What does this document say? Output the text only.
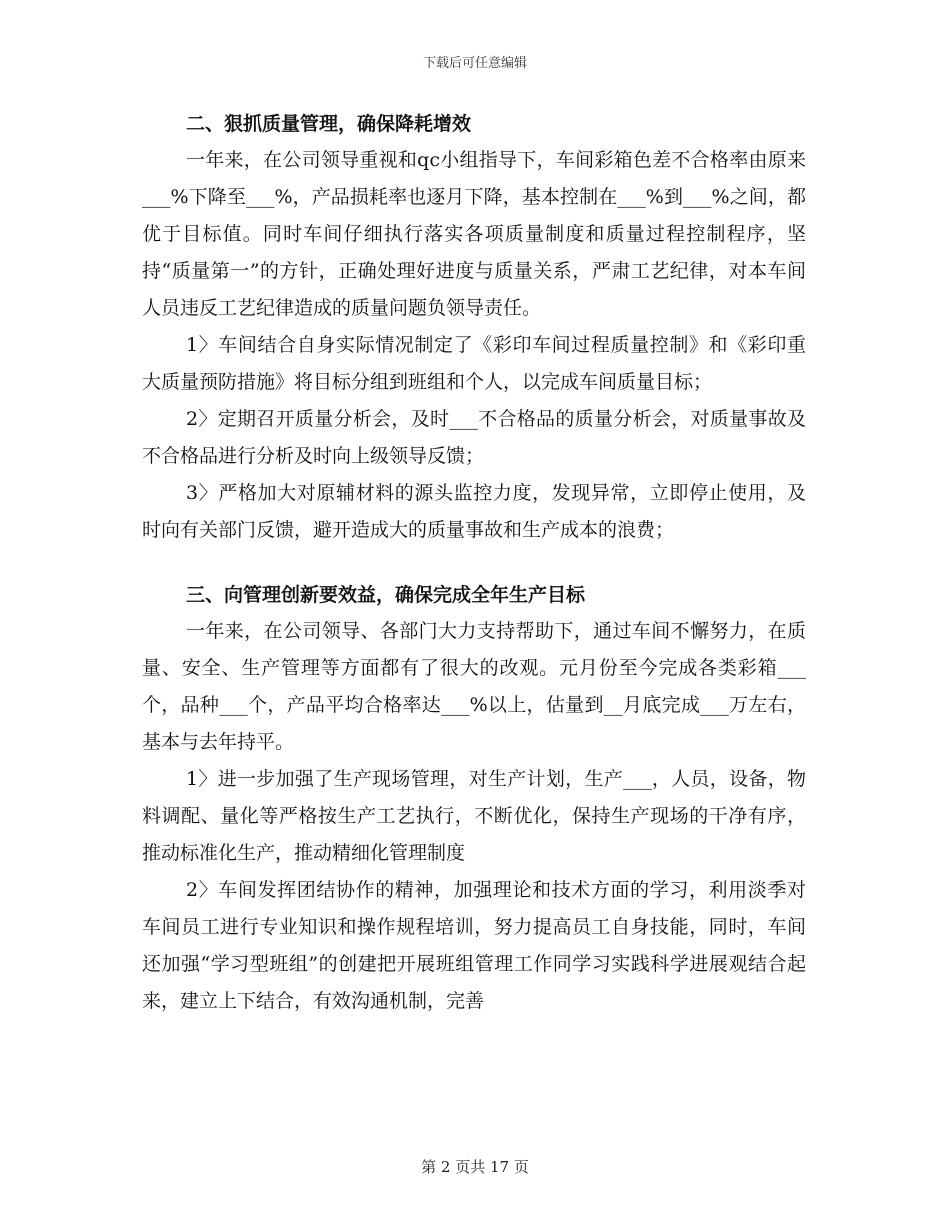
下载后可任意编辑

二、狠抓质量管理，确保降耗增效

一年来，在公司领导重视和qc小组指导下，车间彩箱色差不合格率由原来___%下降至___%，产品损耗率也逐月下降，基本控制在___%到___%之间，都优于目标值。同时车间仔细执行落实各项质量制度和质量过程控制程序，坚持“质量第一”的方针，正确处理好进度与质量关系，严肃工艺纪律，对本车间人员违反工艺纪律造成的质量问题负领导责任。

1〉车间结合自身实际情况制定了《彩印车间过程质量控制》和《彩印重大质量预防措施》将目标分组到班组和个人，以完成车间质量目标；

2〉定期召开质量分析会，及时___不合格品的质量分析会，对质量事故及不合格品进行分析及时向上级领导反馈；

3〉严格加大对原辅材料的源头监控力度，发现异常，立即停止使用，及时向有关部门反馈，避开造成大的质量事故和生产成本的浪费；

三、向管理创新要效益，确保完成全年生产目标

一年来，在公司领导、各部门大力支持帮助下，通过车间不懈努力，在质量、安全、生产管理等方面都有了很大的改观。元月份至今完成各类彩箱___个，品种___个，产品平均合格率达___%以上，估量到__月底完成___万左右，基本与去年持平。

1〉进一步加强了生产现场管理，对生产计划，生产___，人员，设备，物料调配、量化等严格按生产工艺执行，不断优化，保持生产现场的干净有序，推动标准化生产，推动精细化管理制度

2〉车间发挥团结协作的精神，加强理论和技术方面的学习，利用淡季对车间员工进行专业知识和操作规程培训，努力提高员工自身技能，同时，车间还加强“学习型班组”的创建把开展班组管理工作同学习实践科学进展观结合起来，建立上下结合，有效沟通机制，完善

第 2 页共 17 页
